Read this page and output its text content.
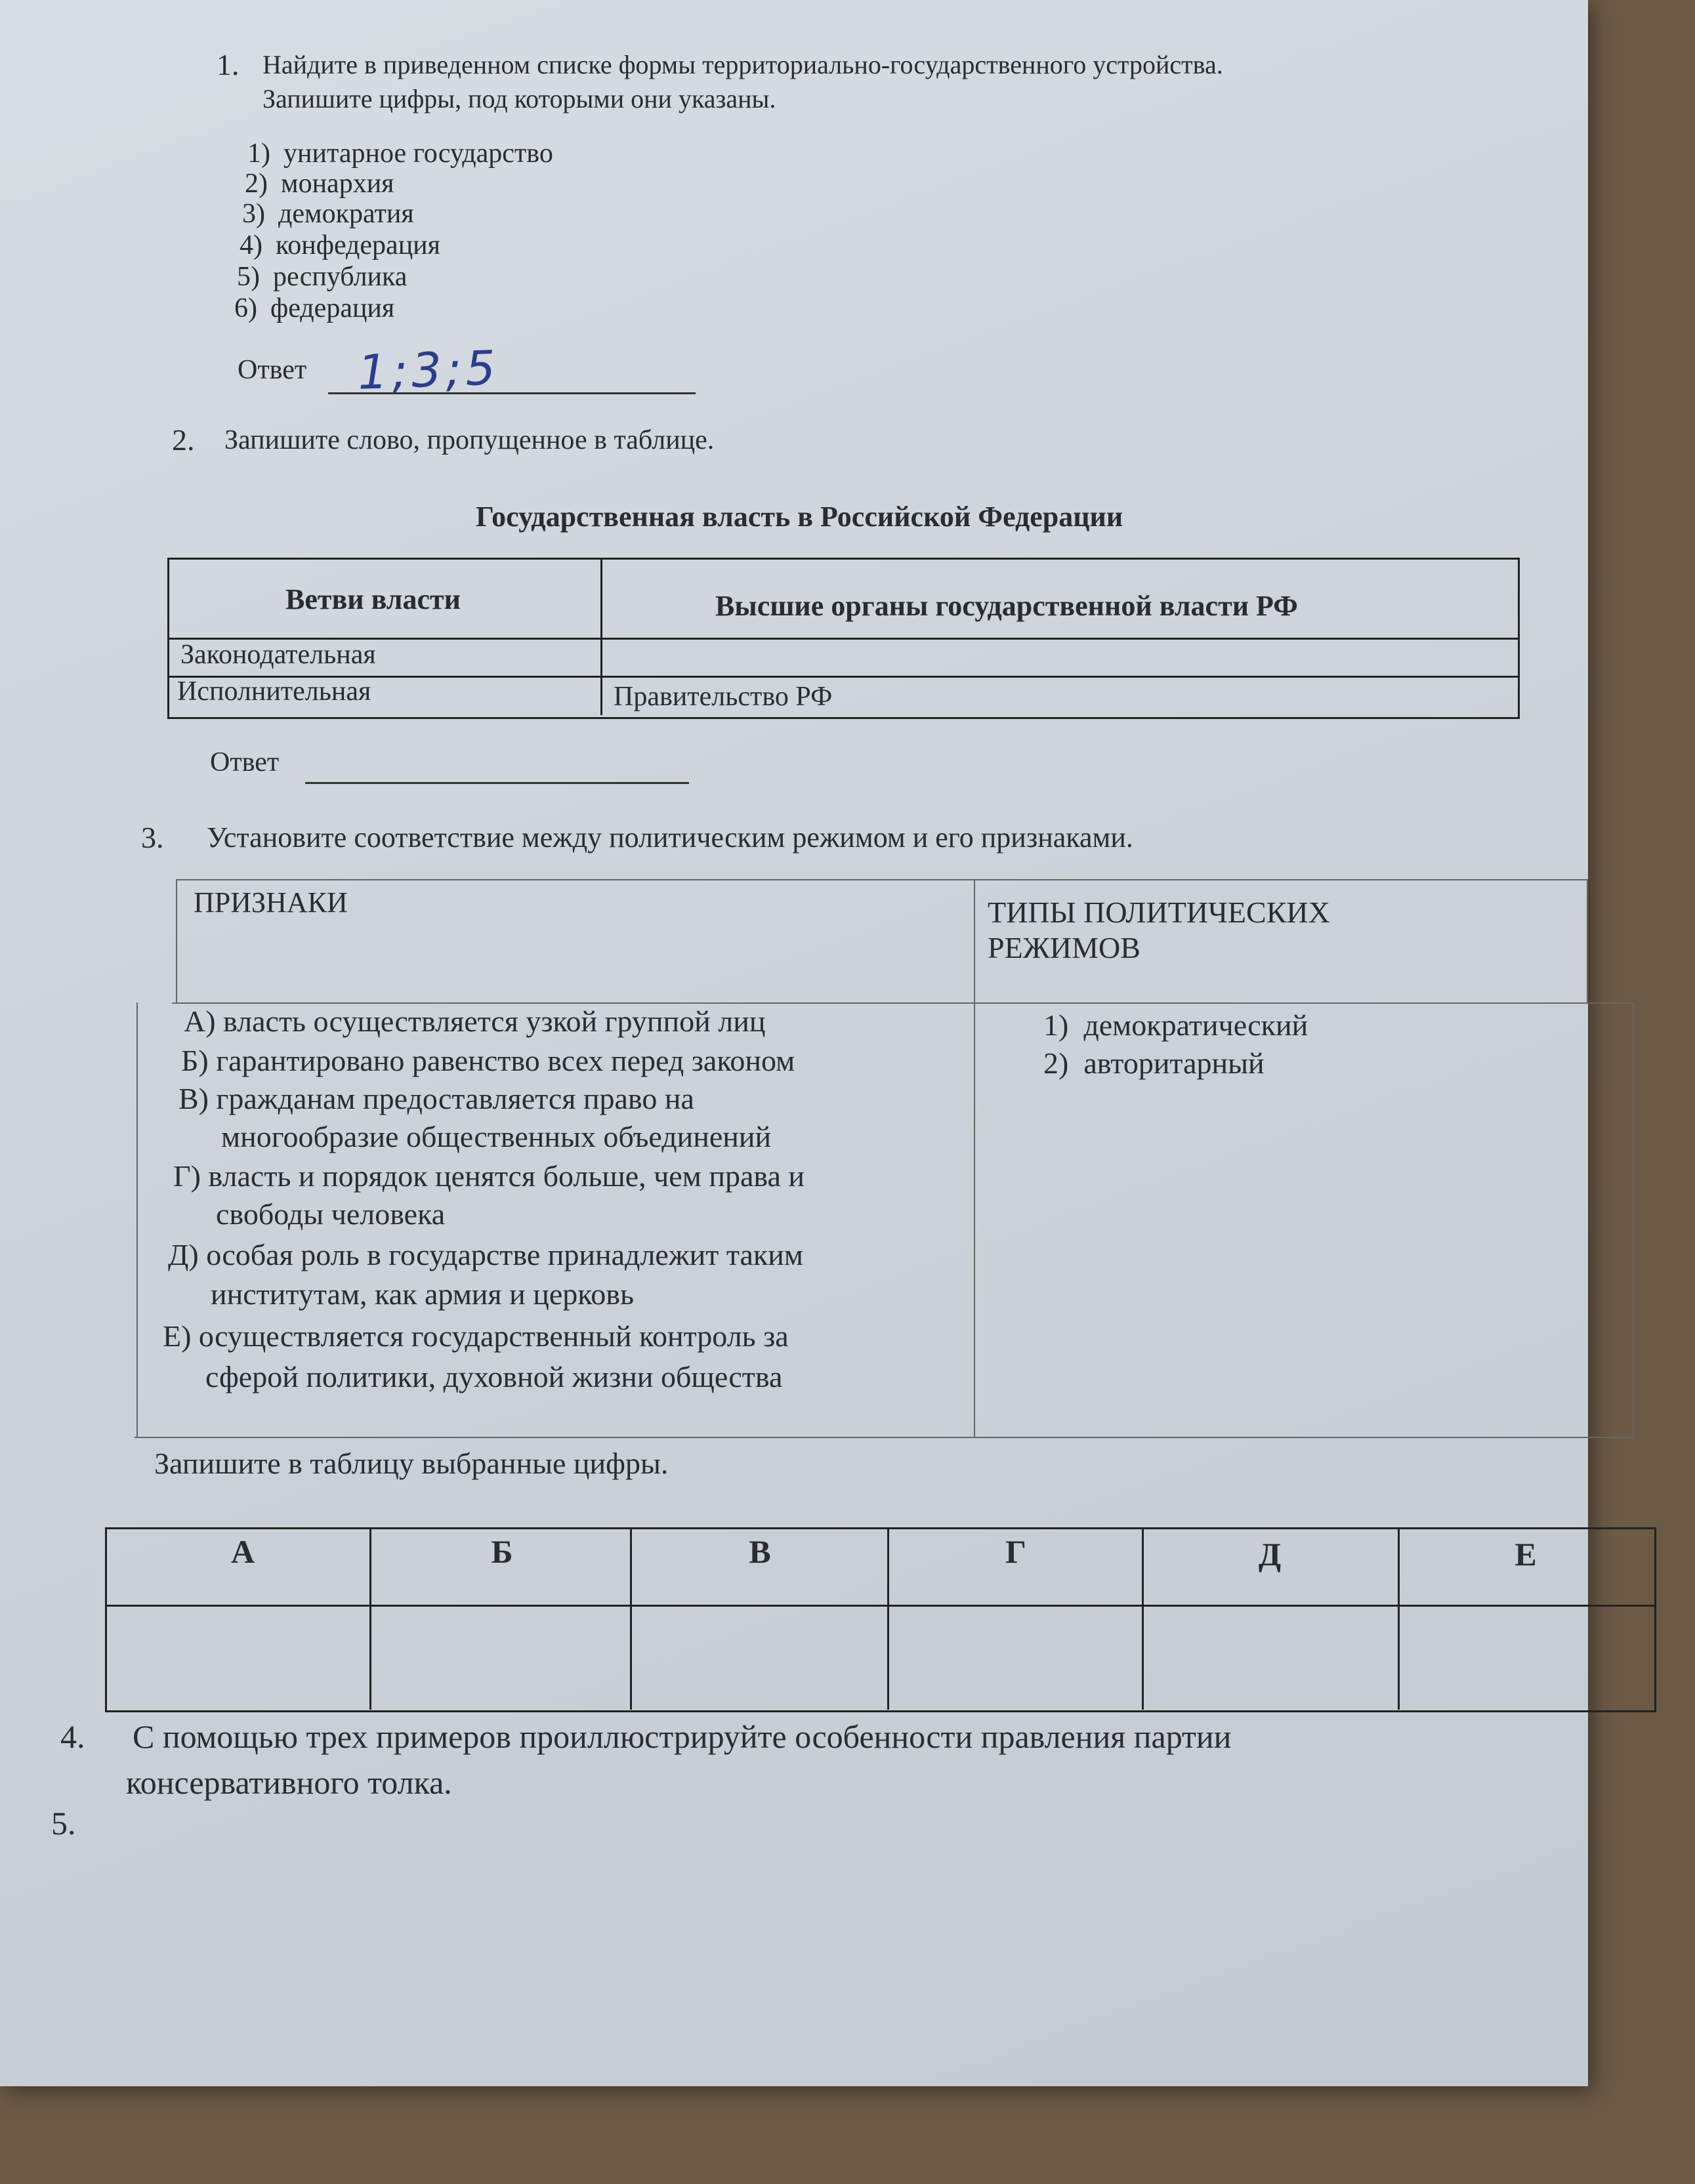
1. Найдите в приведенном списке формы территориально-государственного устройства.
Запишите цифры, под которыми они указаны.
1) унитарное государство
2) монархия
3) демократия
4) конфедерация
5) республика
6) федерация
Ответ 1;3;5
2. Запишите слово, пропущенное в таблице.
Государственная власть в Российской Федерации
Ветви власти	Высшие органы государственной власти РФ
Законодательная
Исполнительная	Правительство РФ
Ответ
3. Установите соответствие между политическим режимом и его признаками.
ПРИЗНАКИ	ТИПЫ ПОЛИТИЧЕСКИХ
РЕЖИМОВ
А) власть осуществляется узкой группой лиц
Б) гарантировано равенство всех перед законом
В) гражданам предоставляется право на
многообразие общественных объединений
Г) власть и порядок ценятся больше, чем права и
свободы человека
Д) особая роль в государстве принадлежит таким
институтам, как армия и церковь
Е) осуществляется государственный контроль за
сферой политики, духовной жизни общества
1) демократический
2) авторитарный
Запишите в таблицу выбранные цифры.
А	Б	В	Г	Д	Е
4. С помощью трех примеров проиллюстрируйте особенности правления партии
консервативного толка.
5.
